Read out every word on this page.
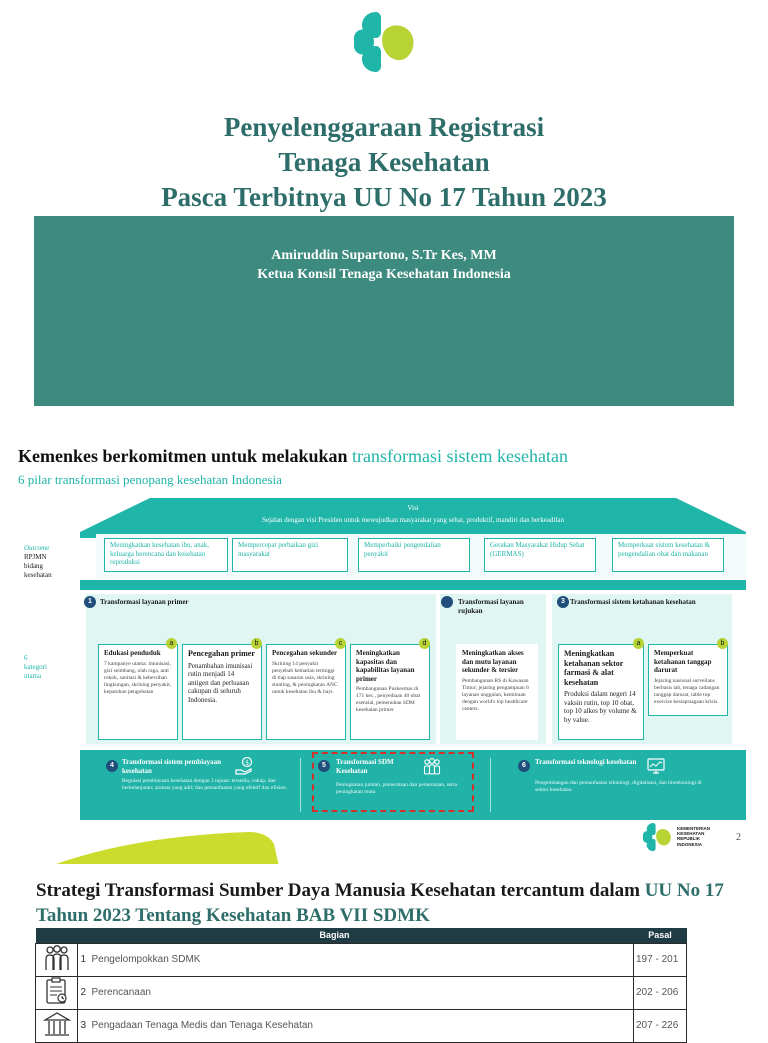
Penyelenggaraan Registrasi
Tenaga Kesehatan
Pasca Terbitnya UU No 17 Tahun 2023
Amiruddin Supartono, S.Tr Kes, MM
Ketua Konsil Tenaga Kesehatan Indonesia
Kemenkes berkomitmen untuk melakukan transformasi sistem kesehatan
6 pilar transformasi penopang kesehatan Indonesia
Visi
Sejalan dengan visi Presiden untuk mewujudkan masyarakat yang sehat, produktif, mandiri dan berkeadilan
Outcome
RPJMN
bidang
kesehatan
Meningkatkan kesehatan ibu, anak, keluarga berencana dan kesehatan reproduksi
Mempercepat perbaikan gizi masyarakat
Memperbaiki pengendalian penyakit
Gerakan Masyarakat Hidup Sehat (GERMAS)
Memperkuat sistem kesehatan & pengendalian obat dan makanan
6
kategori
utama
1	Transformasi layanan primer	Transformasi layanan rujukan
3 Transformasi sistem ketahanan kesehatan
Edukasi penduduk
7 kampanye utama: imunisasi, gizi seimbang, olah raga, anti rokok, sanitasi & kebersihan lingkungan, skrining penyakit, kepatuhan pengobatan
a
Pencegahan primer
Penambahan imunisasi rutin menjadi 14 antigen dan perluasan cakupan di seluruh Indonesia.
b
Pencegahan sekunder
Skrining 14 penyakit penyebab kematian tertinggi di tiap sasaran usia, skrining stunting, & peningkatan ANC untuk kesehatan ibu & bayi.
c
Meningkatkan kapasitas dan kapabilitas layanan primer
Pembangunan Puskesmas di 171 kec., penyediaan 40 obat esensial, pemenuhan SDM kesehatan primer
d
Meningkatkan akses dan mutu layanan sekunder & tersier
Pembangunan RS di Kawasan Timur; jejaring pengampuan 6 layanan unggulan, kemitraan dengan world's top healthcare centers.
Meningkatkan ketahanan sektor farmasi & alat kesehatan
Produksi dalam negeri 14 vaksin rutin, top 10 obat, top 10 alkes by volume & by value.
a
Memperkuat ketahanan tanggap darurat
Jejaring nasional surveilans berbasis lab, tenaga cadangan tanggap darurat, table top exercise kesiapsiagaan krisis.
b
4	Transformasi sistem pembiayaan kesehatan
Regulasi pembiayaan kesehatan dengan 3 tujuan: tersedia, cukup, dan berkelanjutan; alokasi yang adil; dan pemanfaatan yang efektif dan efisien.
$	5	Transformasi SDM Kesehatan
Peningkatan jumlah, pemerataan dan pemerataan, serta peningkatan mutu
6	Transformasi teknologi kesehatan
Pengembangan dan pemanfaatan teknologi, digitalisasi, dan bioteknologi di sektor kesehatan.
KEMENTERIAN
KESEHATAN
REPUBLIK
INDONESIA
2
Strategi Transformasi Sumber Daya Manusia Kesehatan tercantum dalam UU No 17 Tahun 2023 Tentang Kesehatan BAB VII SDMK
Bagian			Pasal
	1	Pengelompokkan SDMK	197 - 201
	2	Perencanaan	202 - 206
	3	Pengadaan Tenaga Medis dan Tenaga Kesehatan	207 - 226
